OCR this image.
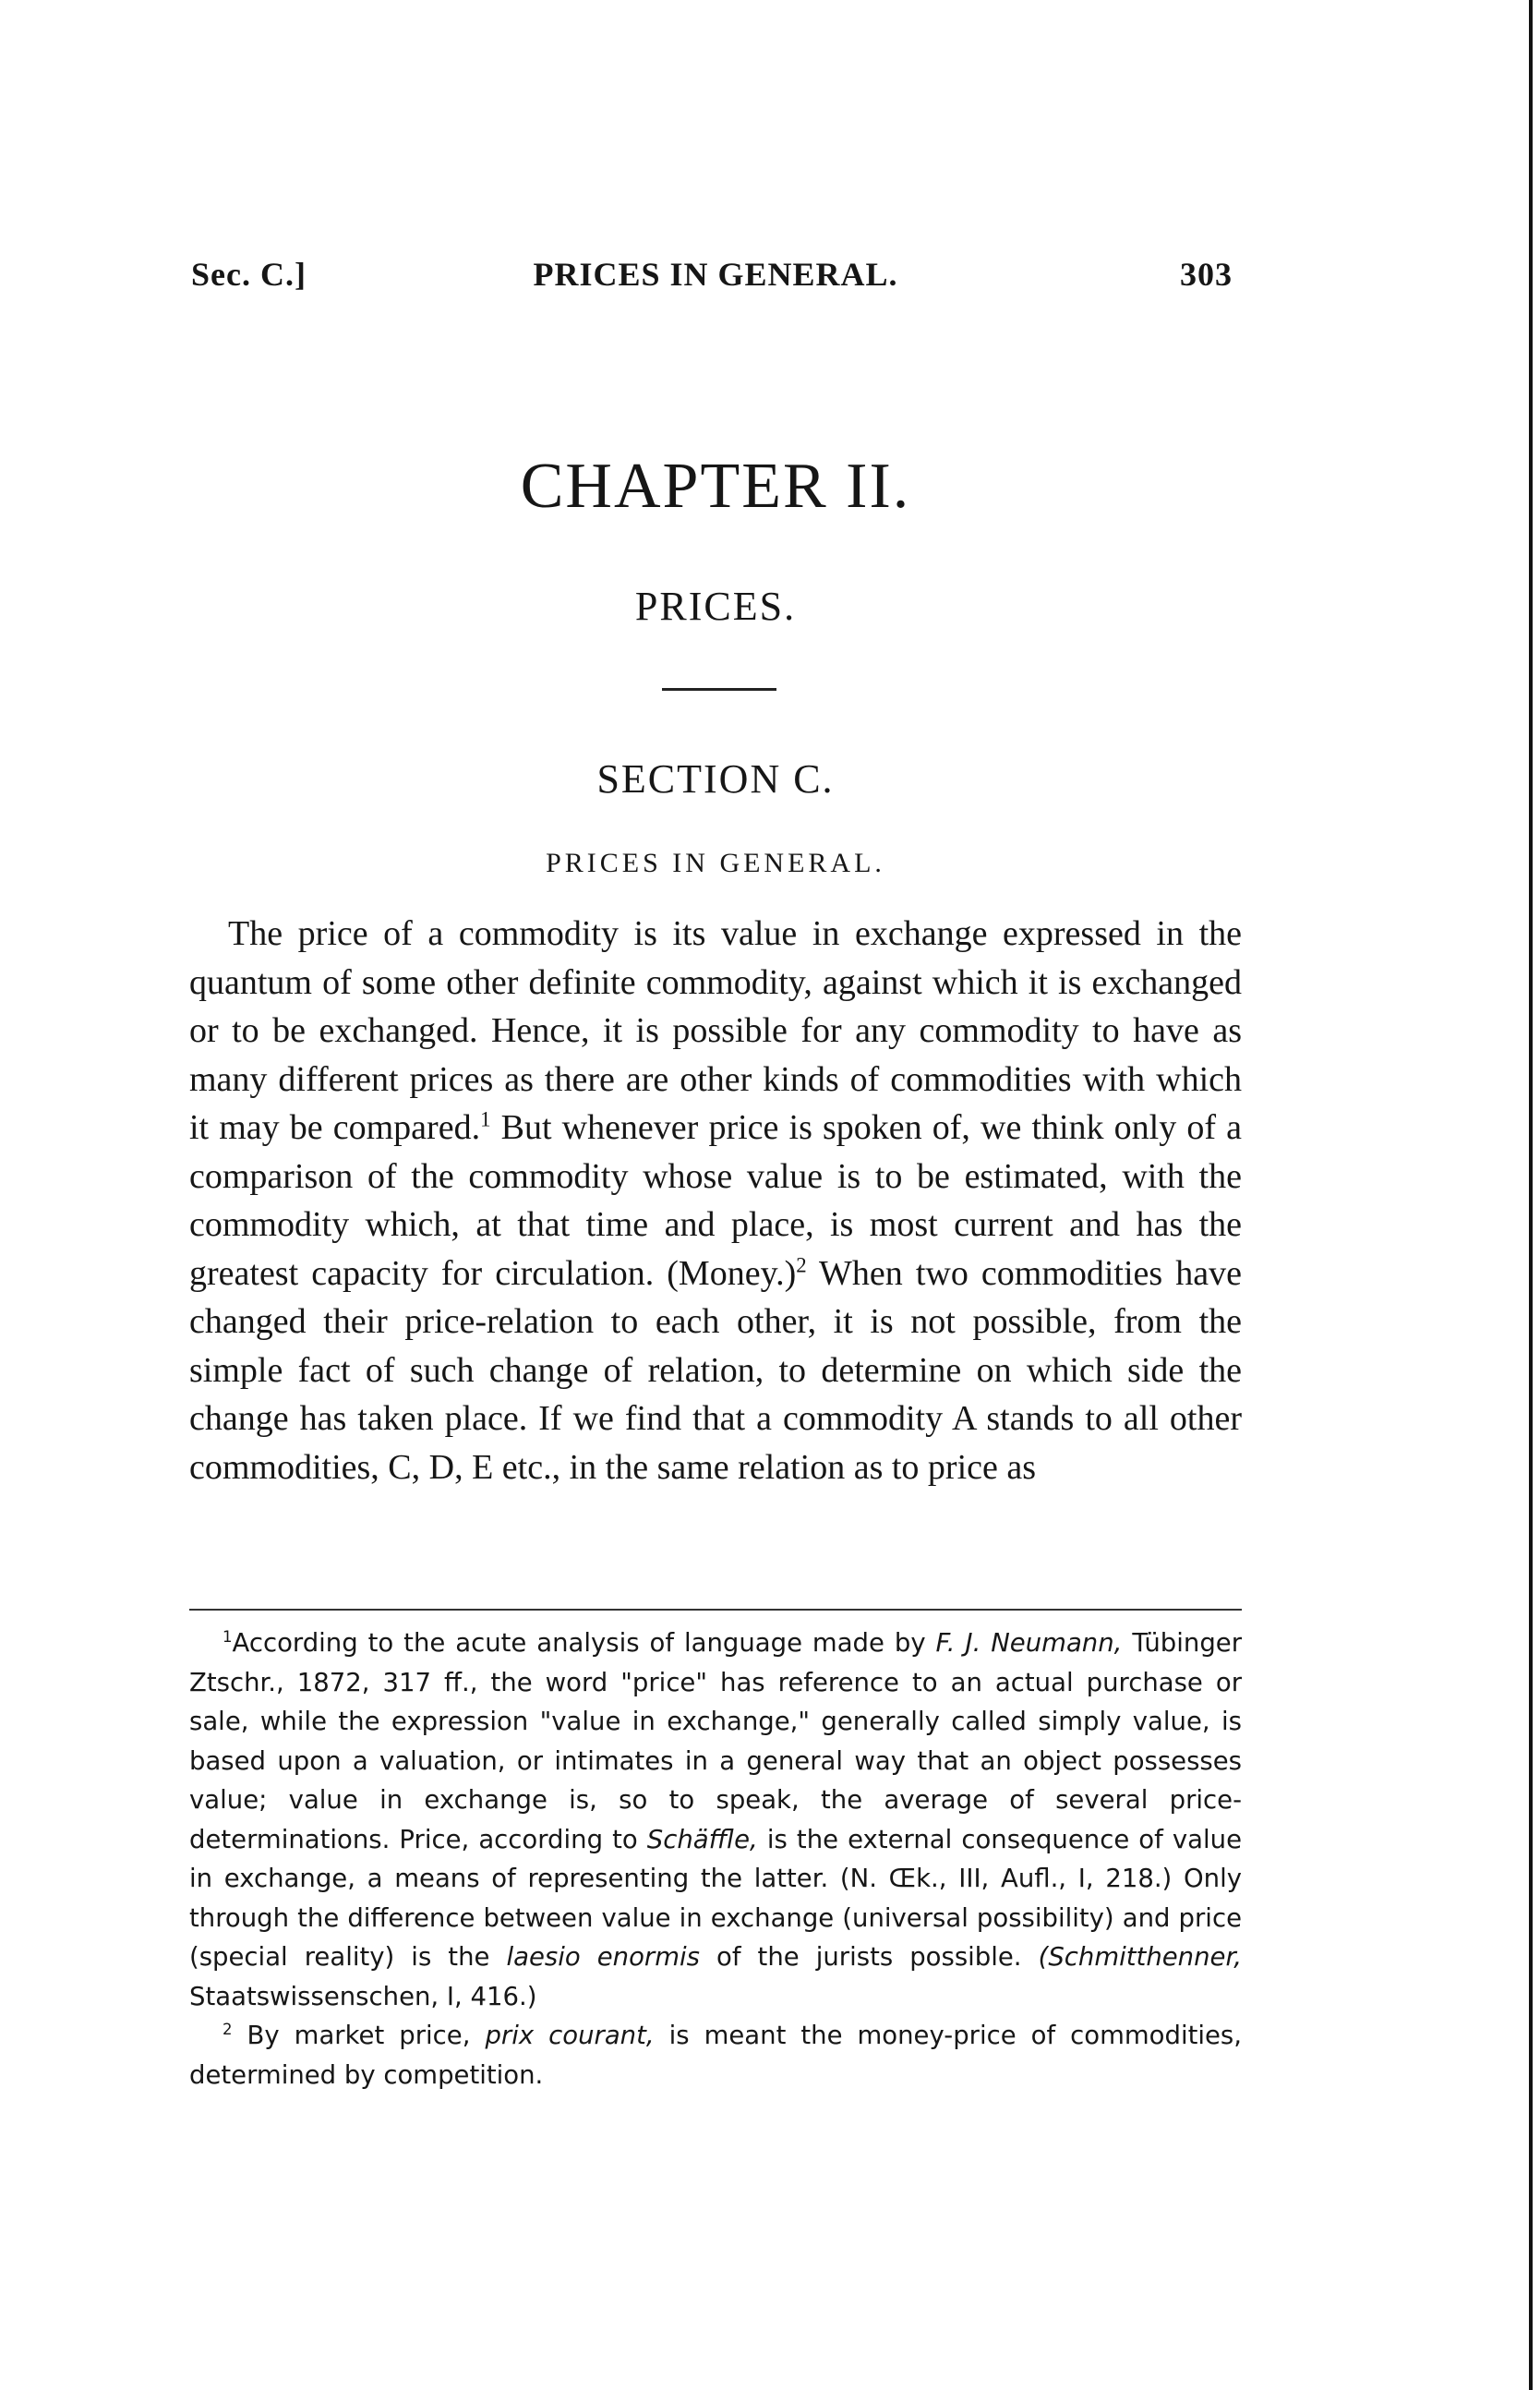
Sec. C.]	PRICES IN GENERAL.	303
CHAPTER II.
PRICES.
SECTION C.
PRICES IN GENERAL.

The price of a commodity is its value in exchange expressed in the quantum of some other definite commodity, against which it is exchanged or to be exchanged. Hence, it is possible for any commodity to have as many different prices as there are other kinds of commodities with which it may be compared.$^1$ But whenever price is spoken of, we think only of a comparison of the commodity whose value is to be estimated, with the commodity which, at that time and place, is most current and has the greatest capacity for circulation. (Money.)$^2$ When two commodities have changed their price-relation to each other, it is not possible, from the simple fact of such change of relation, to determine on which side the change has taken place. If we find that a commodity A stands to all other commodities, C, D, E etc., in the same relation as to price as

$^1$According to the acute analysis of language made by F. J. Neumann, Tübinger Ztschr., 1872, 317 ff., the word "price" has reference to an actual purchase or sale, while the expression "value in exchange," generally called simply value, is based upon a valuation, or intimates in a general way that an object possesses value; value in exchange is, so to speak, the average of several price-determinations. Price, according to Schäffle, is the external consequence of value in exchange, a means of representing the latter. (N. Œk., III, Aufl., I, 218.) Only through the difference between value in exchange (universal possibility) and price (special reality) is the laesio enormis of the jurists possible. (Schmitthenner, Staatswissenschen, I, 416.)

$^2$ By market price, prix courant, is meant the money-price of commodities, determined by competition.
